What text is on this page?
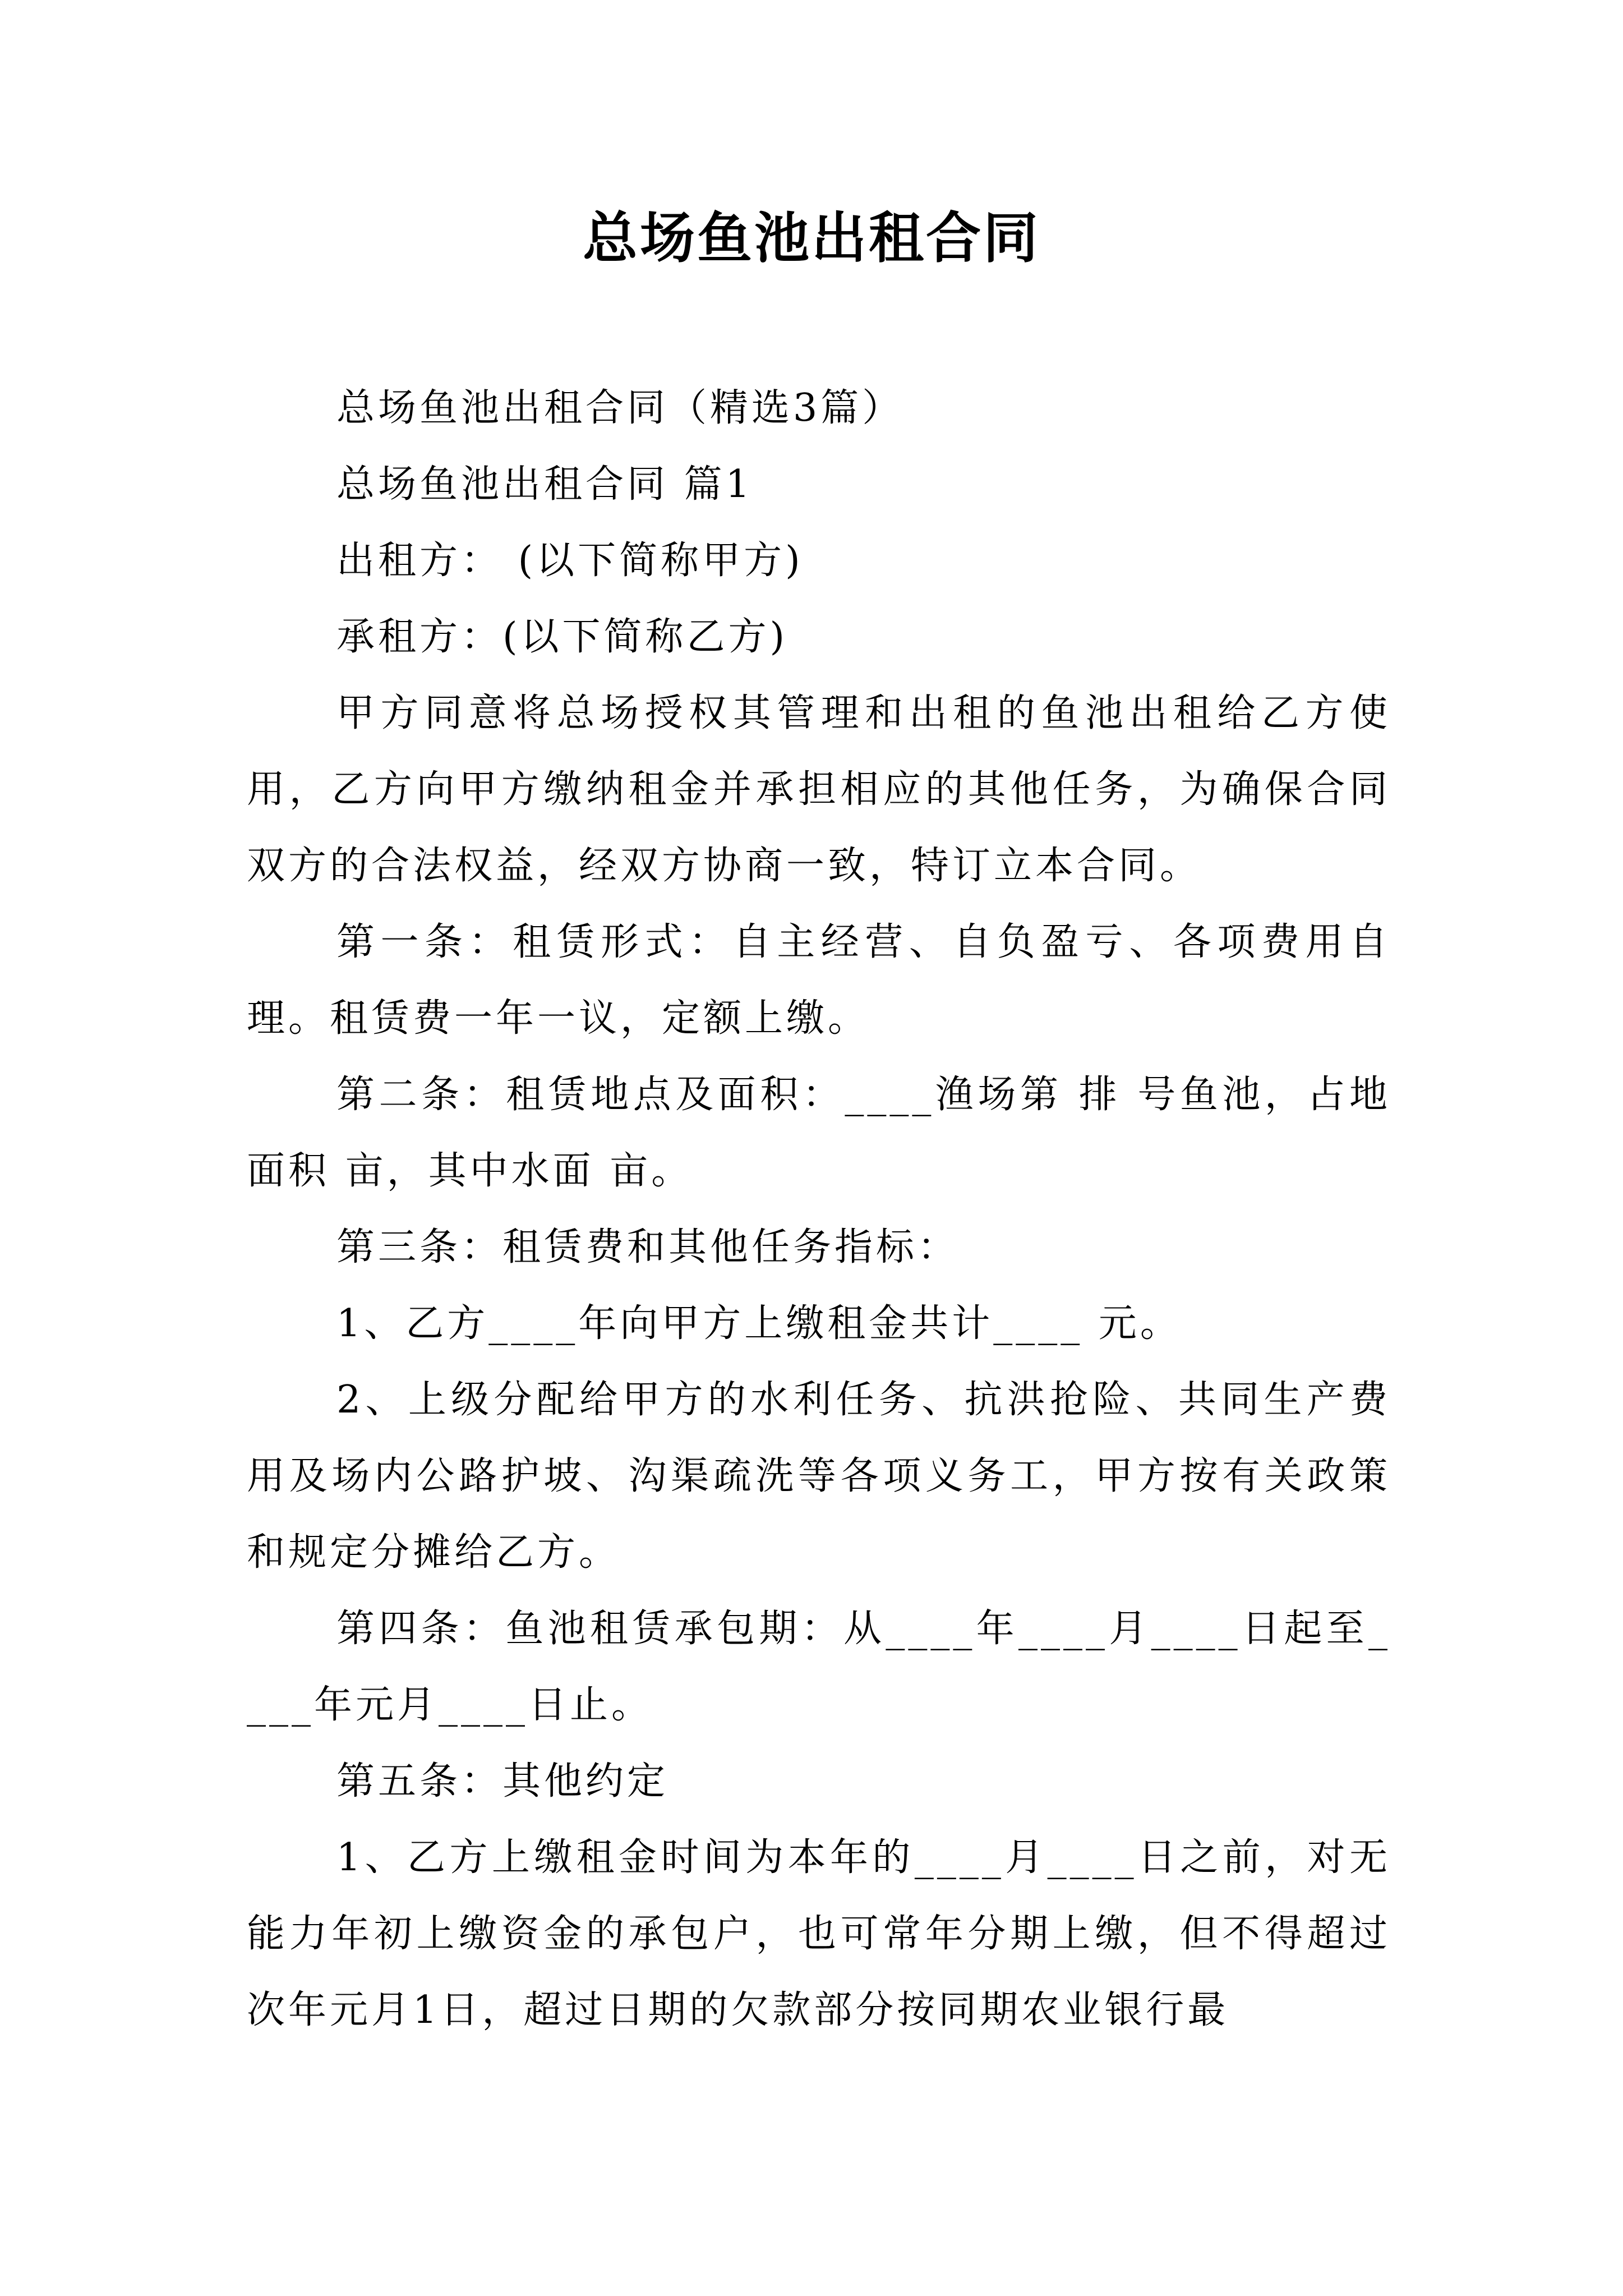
总场鱼池出租合同

总场鱼池出租合同（精选3篇）

总场鱼池出租合同 篇1

出租方： (以下简称甲方)

承租方：(以下简称乙方)

甲方同意将总场授权其管理和出租的鱼池出租给乙方使用，乙方向甲方缴纳租金并承担相应的其他任务，为确保合同双方的合法权益，经双方协商一致，特订立本合同。

第一条：租赁形式：自主经营、自负盈亏、各项费用自理。租赁费一年一议，定额上缴。

第二条：租赁地点及面积：____渔场第 排 号鱼池，占地面积 亩，其中水面 亩。

第三条：租赁费和其他任务指标：

1、乙方____年向甲方上缴租金共计____ 元。

2、上级分配给甲方的水利任务、抗洪抢险、共同生产费用及场内公路护坡、沟渠疏洗等各项义务工，甲方按有关政策和规定分摊给乙方。

第四条：鱼池租赁承包期：从____年____月____日起至____年元月____日止。

第五条：其他约定

1、乙方上缴租金时间为本年的____月____日之前，对无能力年初上缴资金的承包户，也可常年分期上缴，但不得超过次年元月1日，超过日期的欠款部分按同期农业银行最
